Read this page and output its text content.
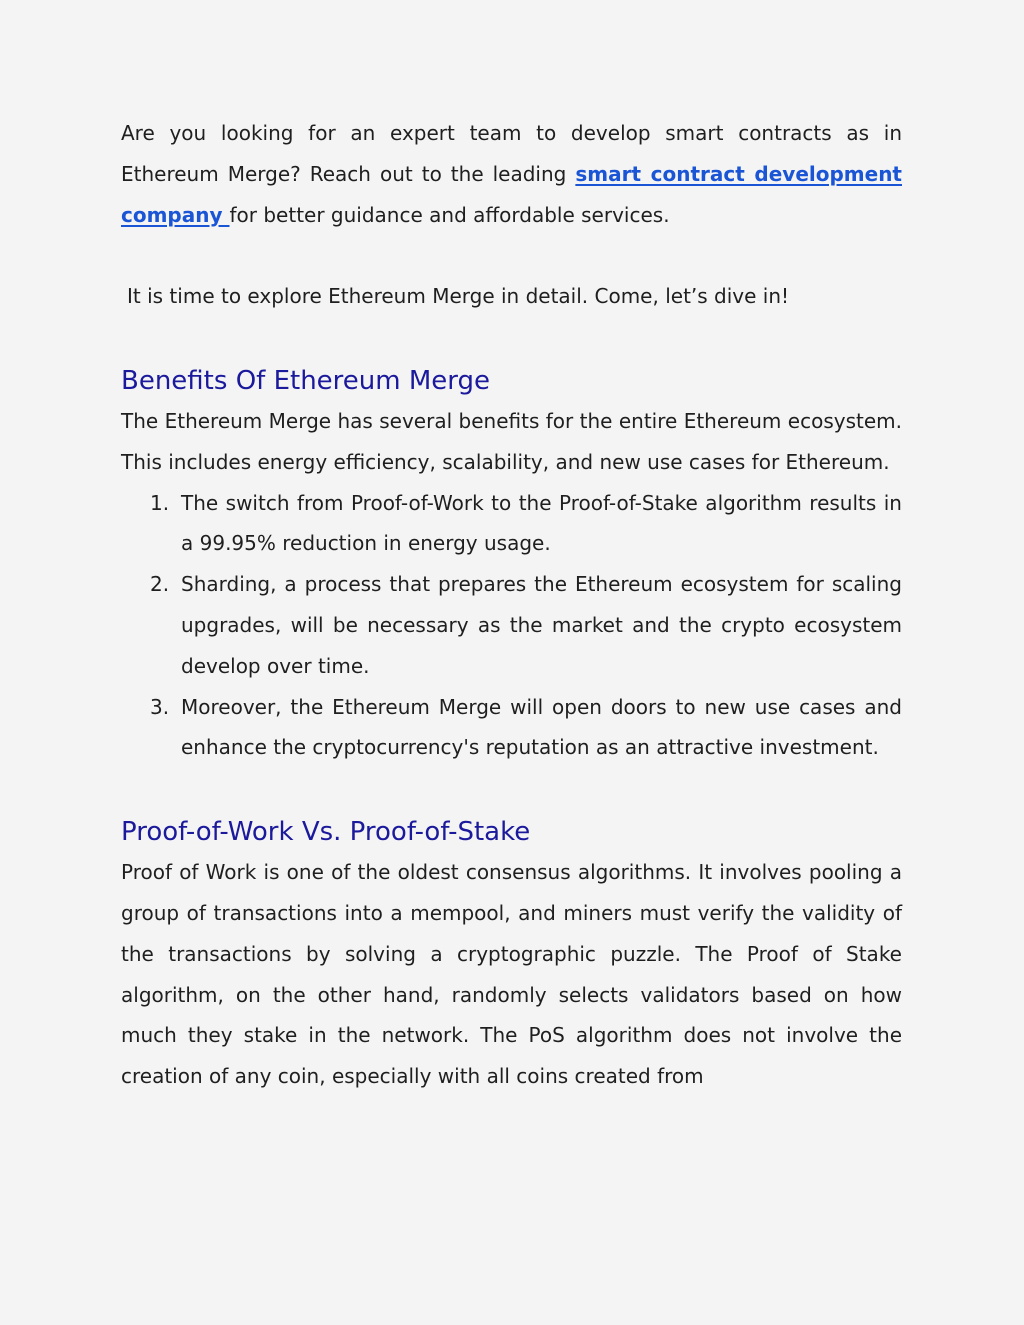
Are you looking for an expert team to develop smart contracts as in Ethereum Merge? Reach out to the leading smart contract development company for better guidance and affordable services.

It is time to explore Ethereum Merge in detail. Come, let’s dive in!

Benefits Of Ethereum Merge

The Ethereum Merge has several benefits for the entire Ethereum ecosystem. This includes energy efficiency, scalability, and new use cases for Ethereum.

1. The switch from Proof-of-Work to the Proof-of-Stake algorithm results in a 99.95% reduction in energy usage.
2. Sharding, a process that prepares the Ethereum ecosystem for scaling upgrades, will be necessary as the market and the crypto ecosystem develop over time.
3. Moreover, the Ethereum Merge will open doors to new use cases and enhance the cryptocurrency's reputation as an attractive investment.
Proof-of-Work Vs. Proof-of-Stake

Proof of Work is one of the oldest consensus algorithms. It involves pooling a group of transactions into a mempool, and miners must verify the validity of the transactions by solving a cryptographic puzzle. The Proof of Stake algorithm, on the other hand, randomly selects validators based on how much they stake in the network. The PoS algorithm does not involve the creation of any coin, especially with all coins created from
